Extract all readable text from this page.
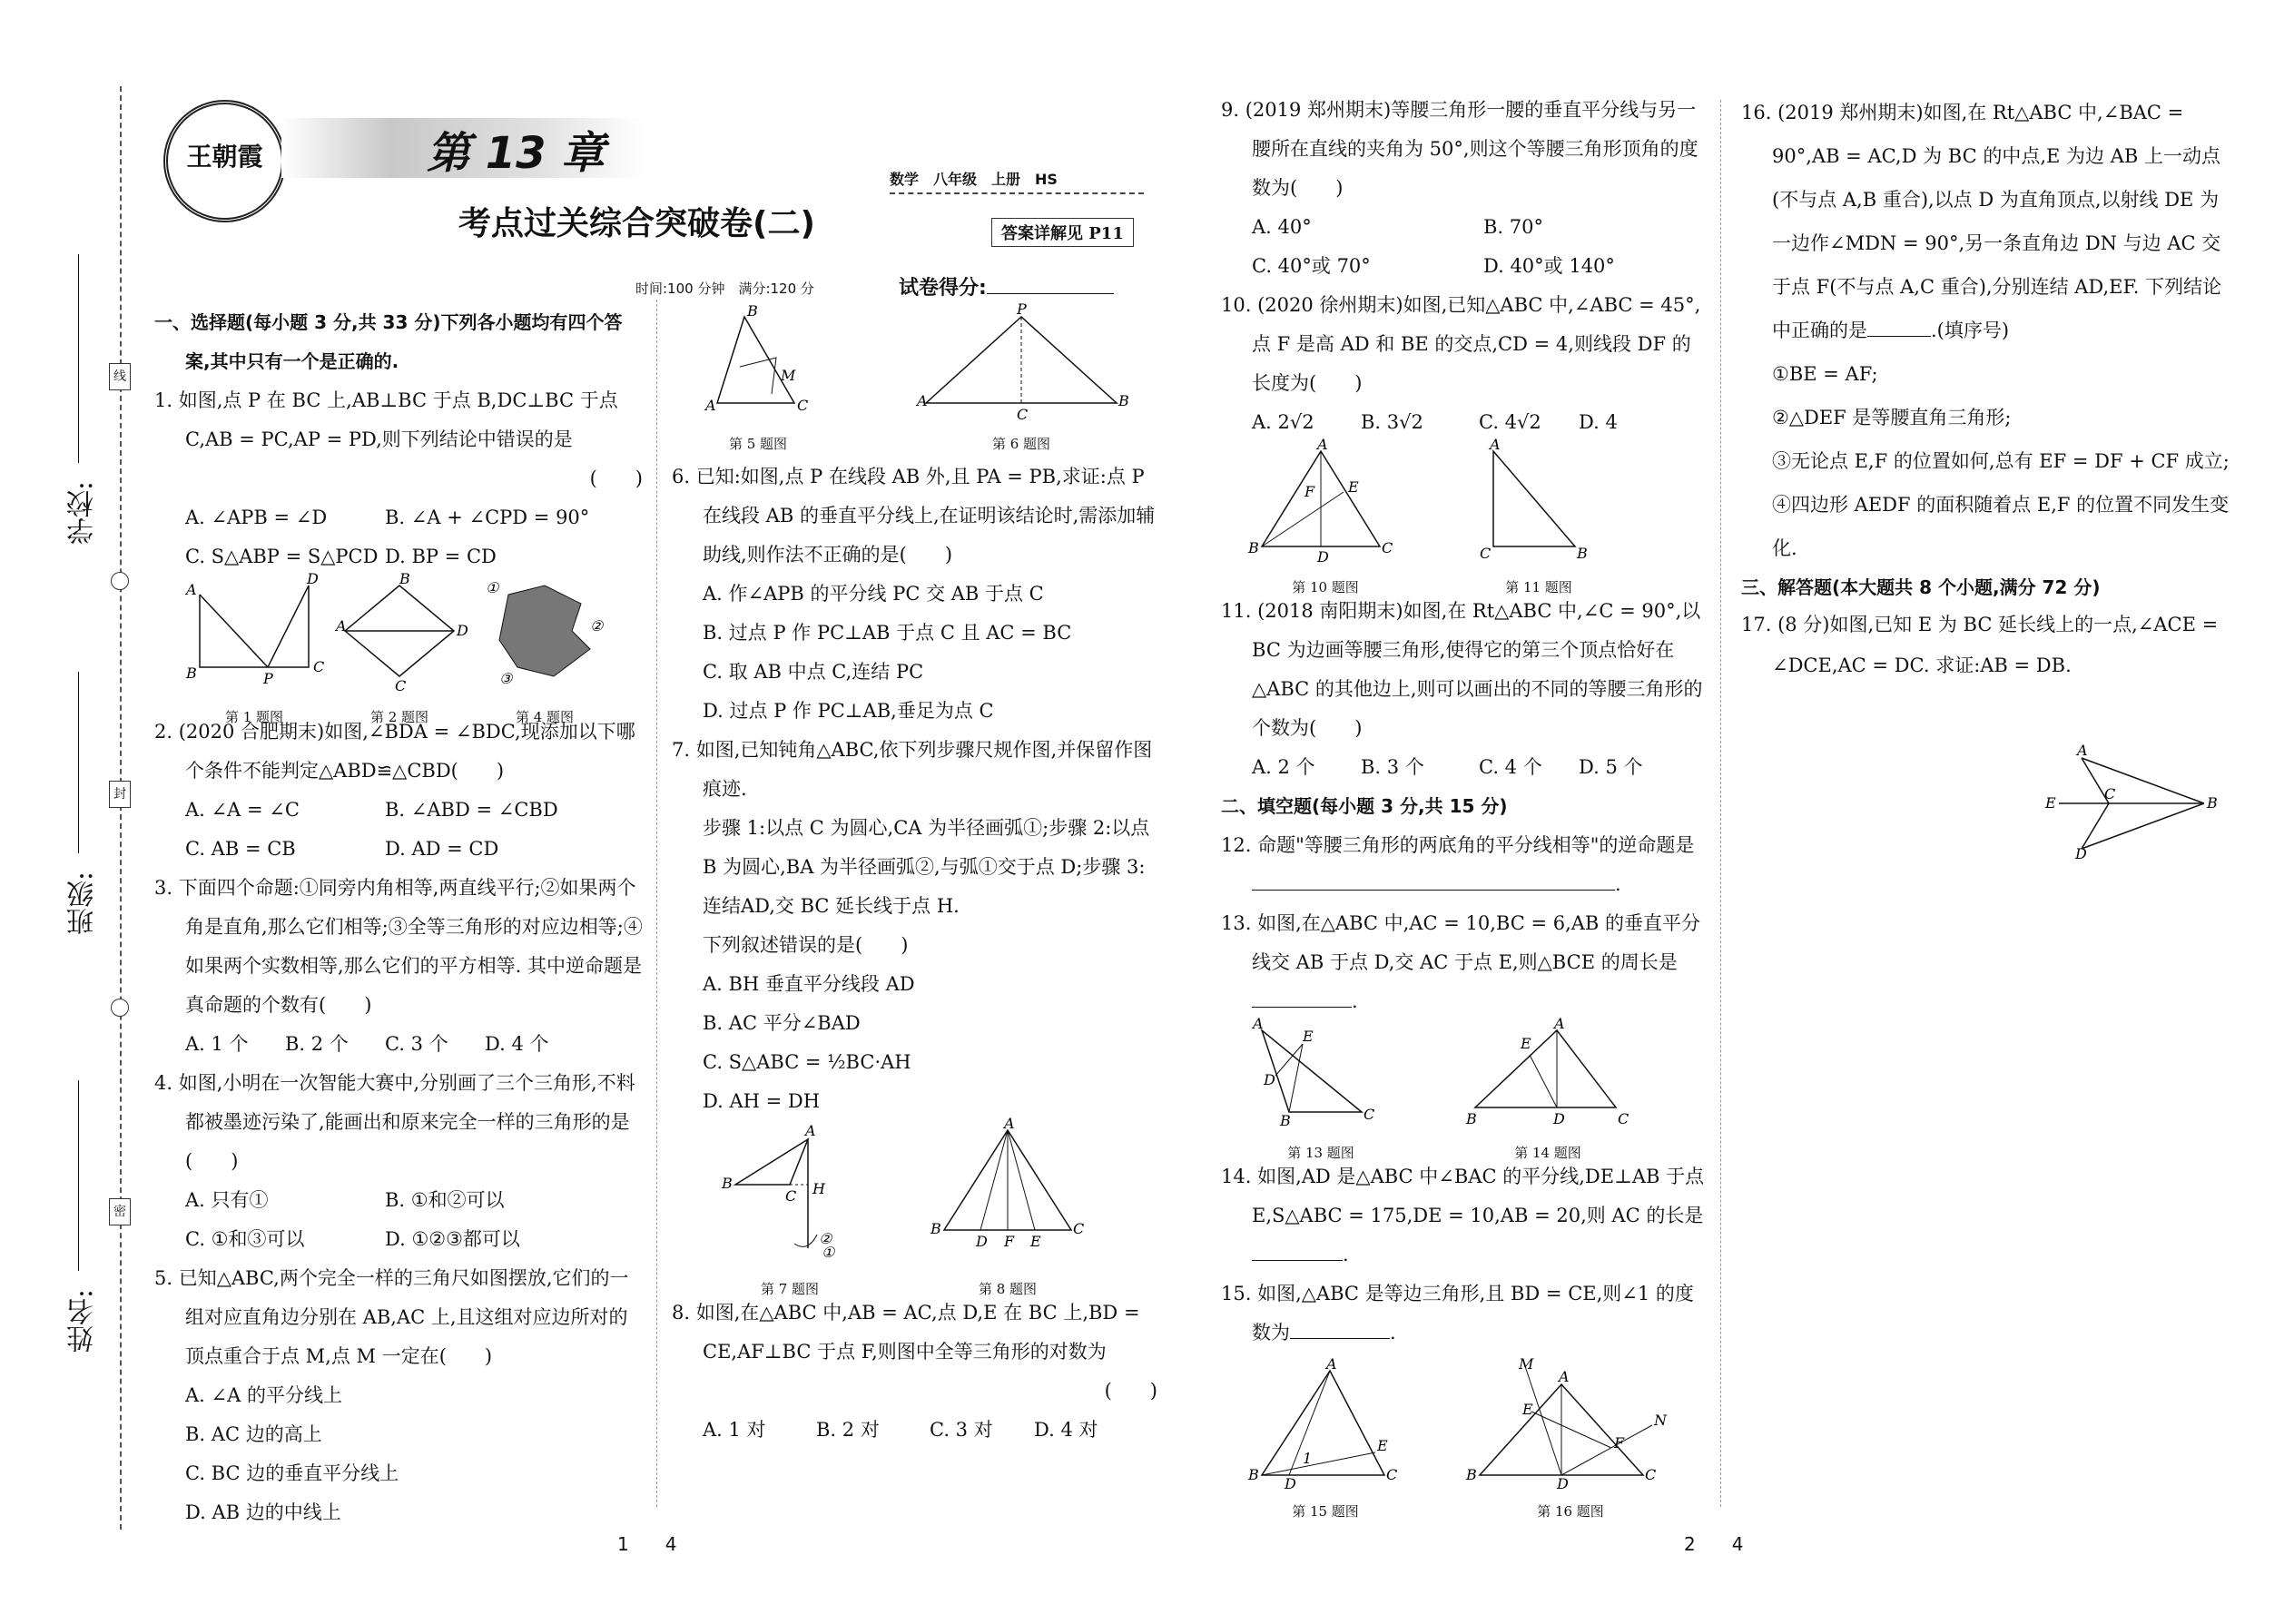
学校:
班级:
姓名:
线
封
密
王朝霞	第 13 章
考点过关综合突破卷(二)
数学　八年级　上册　HS
答案详解见 P11
时间:100 分钟　满分:120 分	试卷得分:

一、选择题(每小题 3 分,共 33 分)下列各小题均有四个答案,其中只有一个是正确的.

1. 如图,点 P 在 BC 上,AB⊥BC 于点 B,DC⊥BC 于点 C,AB = PC,AP = PD,则下列结论中错误的是

(　　)

A. ∠APB = ∠D	B. ∠A + ∠CPD = 90°
C. S△ABP = S△PCD D. BP = CD
A
B	P
C
D
第 1 题图
B
A
C
D
第 2 题图
①
②
③
第 4 题图

2. (2020 合肥期末)如图,∠BDA = ∠BDC,现添加以下哪个条件不能判定△ABD≌△CBD(　　)

A. ∠A = ∠C	B. ∠ABD = ∠CBD
C. AB = CB	D. AD = CD

3. 下面四个命题:①同旁内角相等,两直线平行;②如果两个角是直角,那么它们相等;③全等三角形的对应边相等;④如果两个实数相等,那么它们的平方相等. 其中逆命题是真命题的个数有(　　)

A. 1 个	B. 2 个	C. 3 个	D. 4 个

4. 如图,小明在一次智能大赛中,分别画了三个三角形,不料都被墨迹污染了,能画出和原来完全一样的三角形的是(　　)

A. 只有①	B. ①和②可以
C. ①和③可以	D. ①②③都可以

5. 已知△ABC,两个完全一样的三角尺如图摆放,它们的一组对应直角边分别在 AB,AC 上,且这组对应边所对的顶点重合于点 M,点 M 一定在(　　)

A. ∠A 的平分线上

B. AC 边的高上

C. BC 边的垂直平分线上

D. AB 边的中线上

B
A	C
M
第 5 题图
P
A
C
B
第 6 题图

6. 已知:如图,点 P 在线段 AB 外,且 PA = PB,求证:点 P 在线段 AB 的垂直平分线上,在证明该结论时,需添加辅助线,则作法不正确的是(　　)

A. 作∠APB 的平分线 PC 交 AB 于点 C

B. 过点 P 作 PC⊥AB 于点 C 且 AC = BC

C. 取 AB 中点 C,连结 PC

D. 过点 P 作 PC⊥AB,垂足为点 C

7. 如图,已知钝角△ABC,依下列步骤尺规作图,并保留作图痕迹.

步骤 1:以点 C 为圆心,CA 为半径画弧①;步骤 2:以点 B 为圆心,BA 为半径画弧②,与弧①交于点 D;步骤 3:连结AD,交 BC 延长线于点 H.

下列叙述错误的是(　　)

A. BH 垂直平分线段 AD

B. AC 平分∠BAD

C. S△ABC = ½BC·AH

D. AH = DH

A
B
C H
②
①
第 7 题图
A
B
D F E
C
第 8 题图

8. 如图,在△ABC 中,AB = AC,点 D,E 在 BC 上,BD = CE,AF⊥BC 于点 F,则图中全等三角形的对数为

(　　)

A. 1 对	B. 2 对	C. 3 对	D. 4 对

9. (2019 郑州期末)等腰三角形一腰的垂直平分线与另一腰所在直线的夹角为 50°,则这个等腰三角形顶角的度数为(　　)

A. 40°	B. 70°
C. 40°或 70°	D. 40°或 140°

10. (2020 徐州期末)如图,已知△ABC 中,∠ABC = 45°,点 F 是高 AD 和 BE 的交点,CD = 4,则线段 DF 的长度为(　　)

A. 2√2	B. 3√2	C. 4√2	D. 4
A
B
D
C
E
F
第 10 题图
A
C	B
第 11 题图

11. (2018 南阳期末)如图,在 Rt△ABC 中,∠C = 90°,以 BC 为边画等腰三角形,使得它的第三个顶点恰好在△ABC 的其他边上,则可以画出的不同的等腰三角形的个数为(　　)

A. 2 个	B. 3 个	C. 4 个	D. 5 个

二、填空题(每小题 3 分,共 15 分)

12. 命题"等腰三角形的两底角的平分线相等"的逆命题是.

13. 如图,在△ABC 中,AC = 10,BC = 6,AB 的垂直平分线交 AB 于点 D,交 AC 于点 E,则△BCE 的周长是.

A
E
D
B	C
第 13 题图
A
E
B	D	C
第 14 题图

14. 如图,AD 是△ABC 中∠BAC 的平分线,DE⊥AB 于点 E,S△ABC = 175,DE = 10,AB = 20,则 AC 的长是.

15. 如图,△ABC 是等边三角形,且 BD = CE,则∠1 的度数为	.

A
B
D
C
E
1
第 15 题图
M
A
E
B
D
F
C
N
第 16 题图

16. (2019 郑州期末)如图,在 Rt△ABC 中,∠BAC = 90°,AB = AC,D 为 BC 的中点,E 为边 AB 上一动点(不与点 A,B 重合),以点 D 为直角顶点,以射线 DE 为一边作∠MDN = 90°,另一条直角边 DN 与边 AC 交于点 F(不与点 A,C 重合),分别连结 AD,EF. 下列结论中正确的是	.(填序号)

①BE = AF;

②△DEF 是等腰直角三角形;

③无论点 E,F 的位置如何,总有 EF = DF + CF 成立;

④四边形 AEDF 的面积随着点 E,F 的位置不同发生变化.

三、解答题(本大题共 8 个小题,满分 72 分)

17. (8 分)如图,已知 E 为 BC 延长线上的一点,∠ACE = ∠DCE,AC = DC. 求证:AB = DB.

A
E
C
B
D
1　　4	2　　4
